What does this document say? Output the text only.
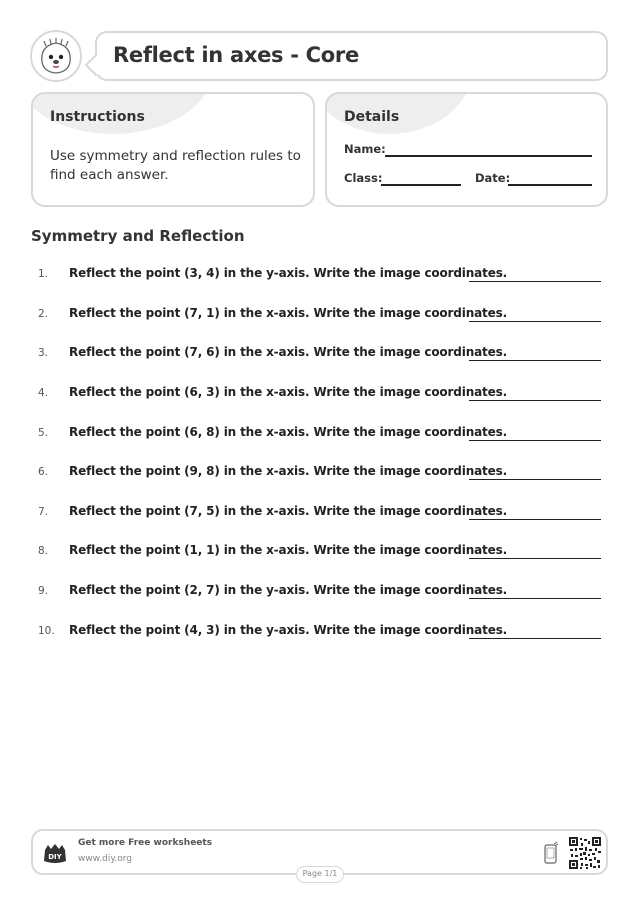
Reflect in axes - Core
Instructions
Use symmetry and reflection rules to find each answer.
Details
Name:
Class:	Date:
Symmetry and Reflection
1. Reflect the point (3, 4) in the y-axis. Write the image coordinates.
2. Reflect the point (7, 1) in the x-axis. Write the image coordinates.
3. Reflect the point (7, 6) in the x-axis. Write the image coordinates.
4. Reflect the point (6, 3) in the x-axis. Write the image coordinates.
5. Reflect the point (6, 8) in the x-axis. Write the image coordinates.
6. Reflect the point (9, 8) in the x-axis. Write the image coordinates.
7. Reflect the point (7, 5) in the x-axis. Write the image coordinates.
8. Reflect the point (1, 1) in the x-axis. Write the image coordinates.
9. Reflect the point (2, 7) in the y-axis. Write the image coordinates.
10. Reflect the point (4, 3) in the y-axis. Write the image coordinates.
DIY
Get more Free worksheets
www.diy.org
Page 1/1
